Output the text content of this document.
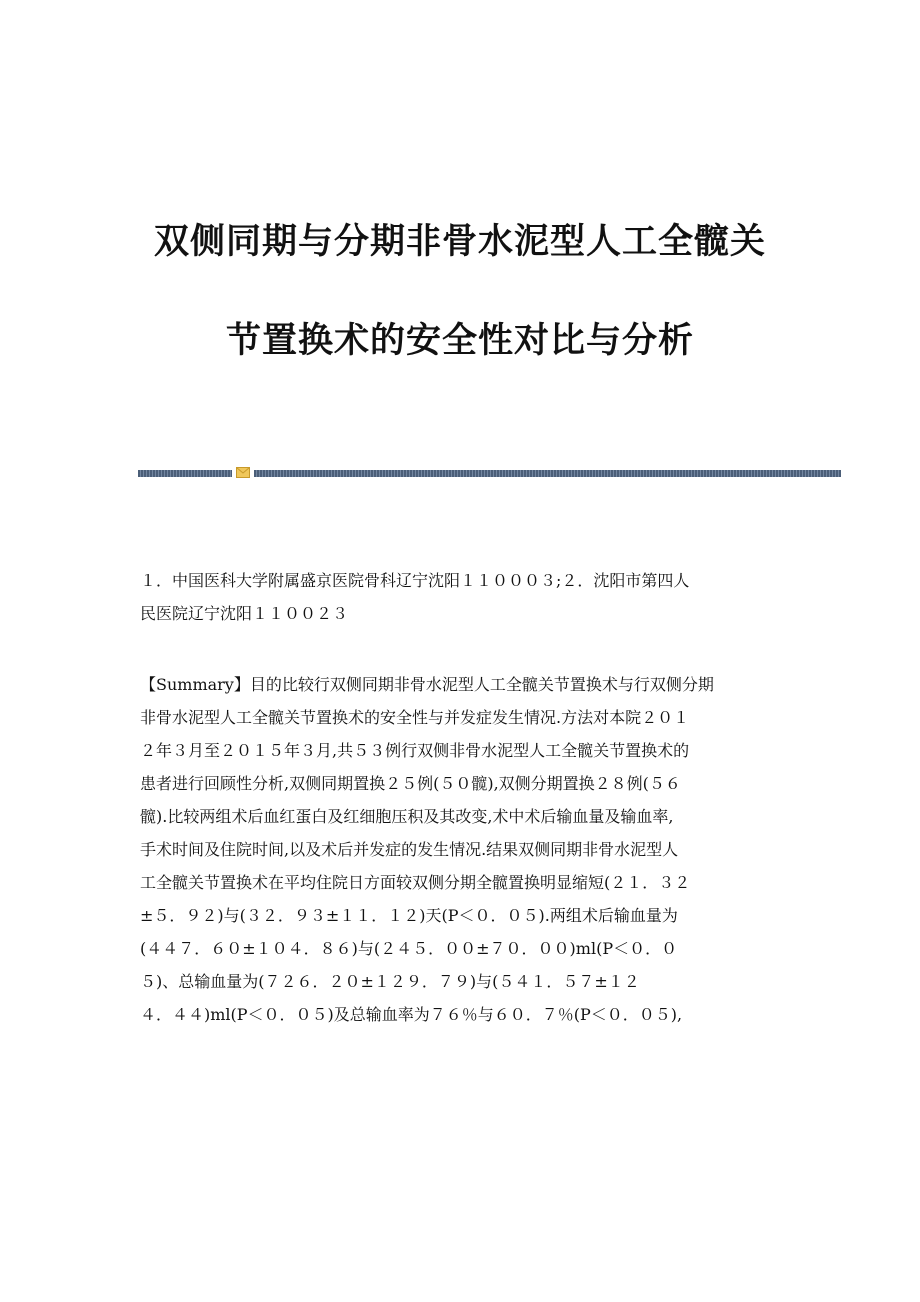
双侧同期与分期非骨水泥型人工全髋关
节置换术的安全性对比与分析
１．中国医科大学附属盛京医院骨科辽宁沈阳１１０００３;２．沈阳市第四人
民医院辽宁沈阳１１００２３
【Summary】目的比较行双侧同期非骨水泥型人工全髋关节置换术与行双侧分期
非骨水泥型人工全髋关节置换术的安全性与并发症发生情况.方法对本院２０１
２年３月至２０１５年３月,共５３例行双侧非骨水泥型人工全髋关节置换术的
患者进行回顾性分析,双侧同期置换２５例(５０髋),双侧分期置换２８例(５６
髋).比较两组术后血红蛋白及红细胞压积及其改变,术中术后输血量及输血率,
手术时间及住院时间,以及术后并发症的发生情况.结果双侧同期非骨水泥型人
工全髋关节置换术在平均住院日方面较双侧分期全髋置换明显缩短(２１．３２
±５．９２)与(３２．９３±１１．１２)天(P＜０．０５).两组术后输血量为
(４４７．６０±１０４．８６)与(２４５．００±７０．００)ml(P＜０．０
５)、总输血量为(７２６．２０±１２９．７９)与(５４１．５７±１２
４．４４)ml(P＜０．０５)及总输血率为７６％与６０．７％(P＜０．０５),
